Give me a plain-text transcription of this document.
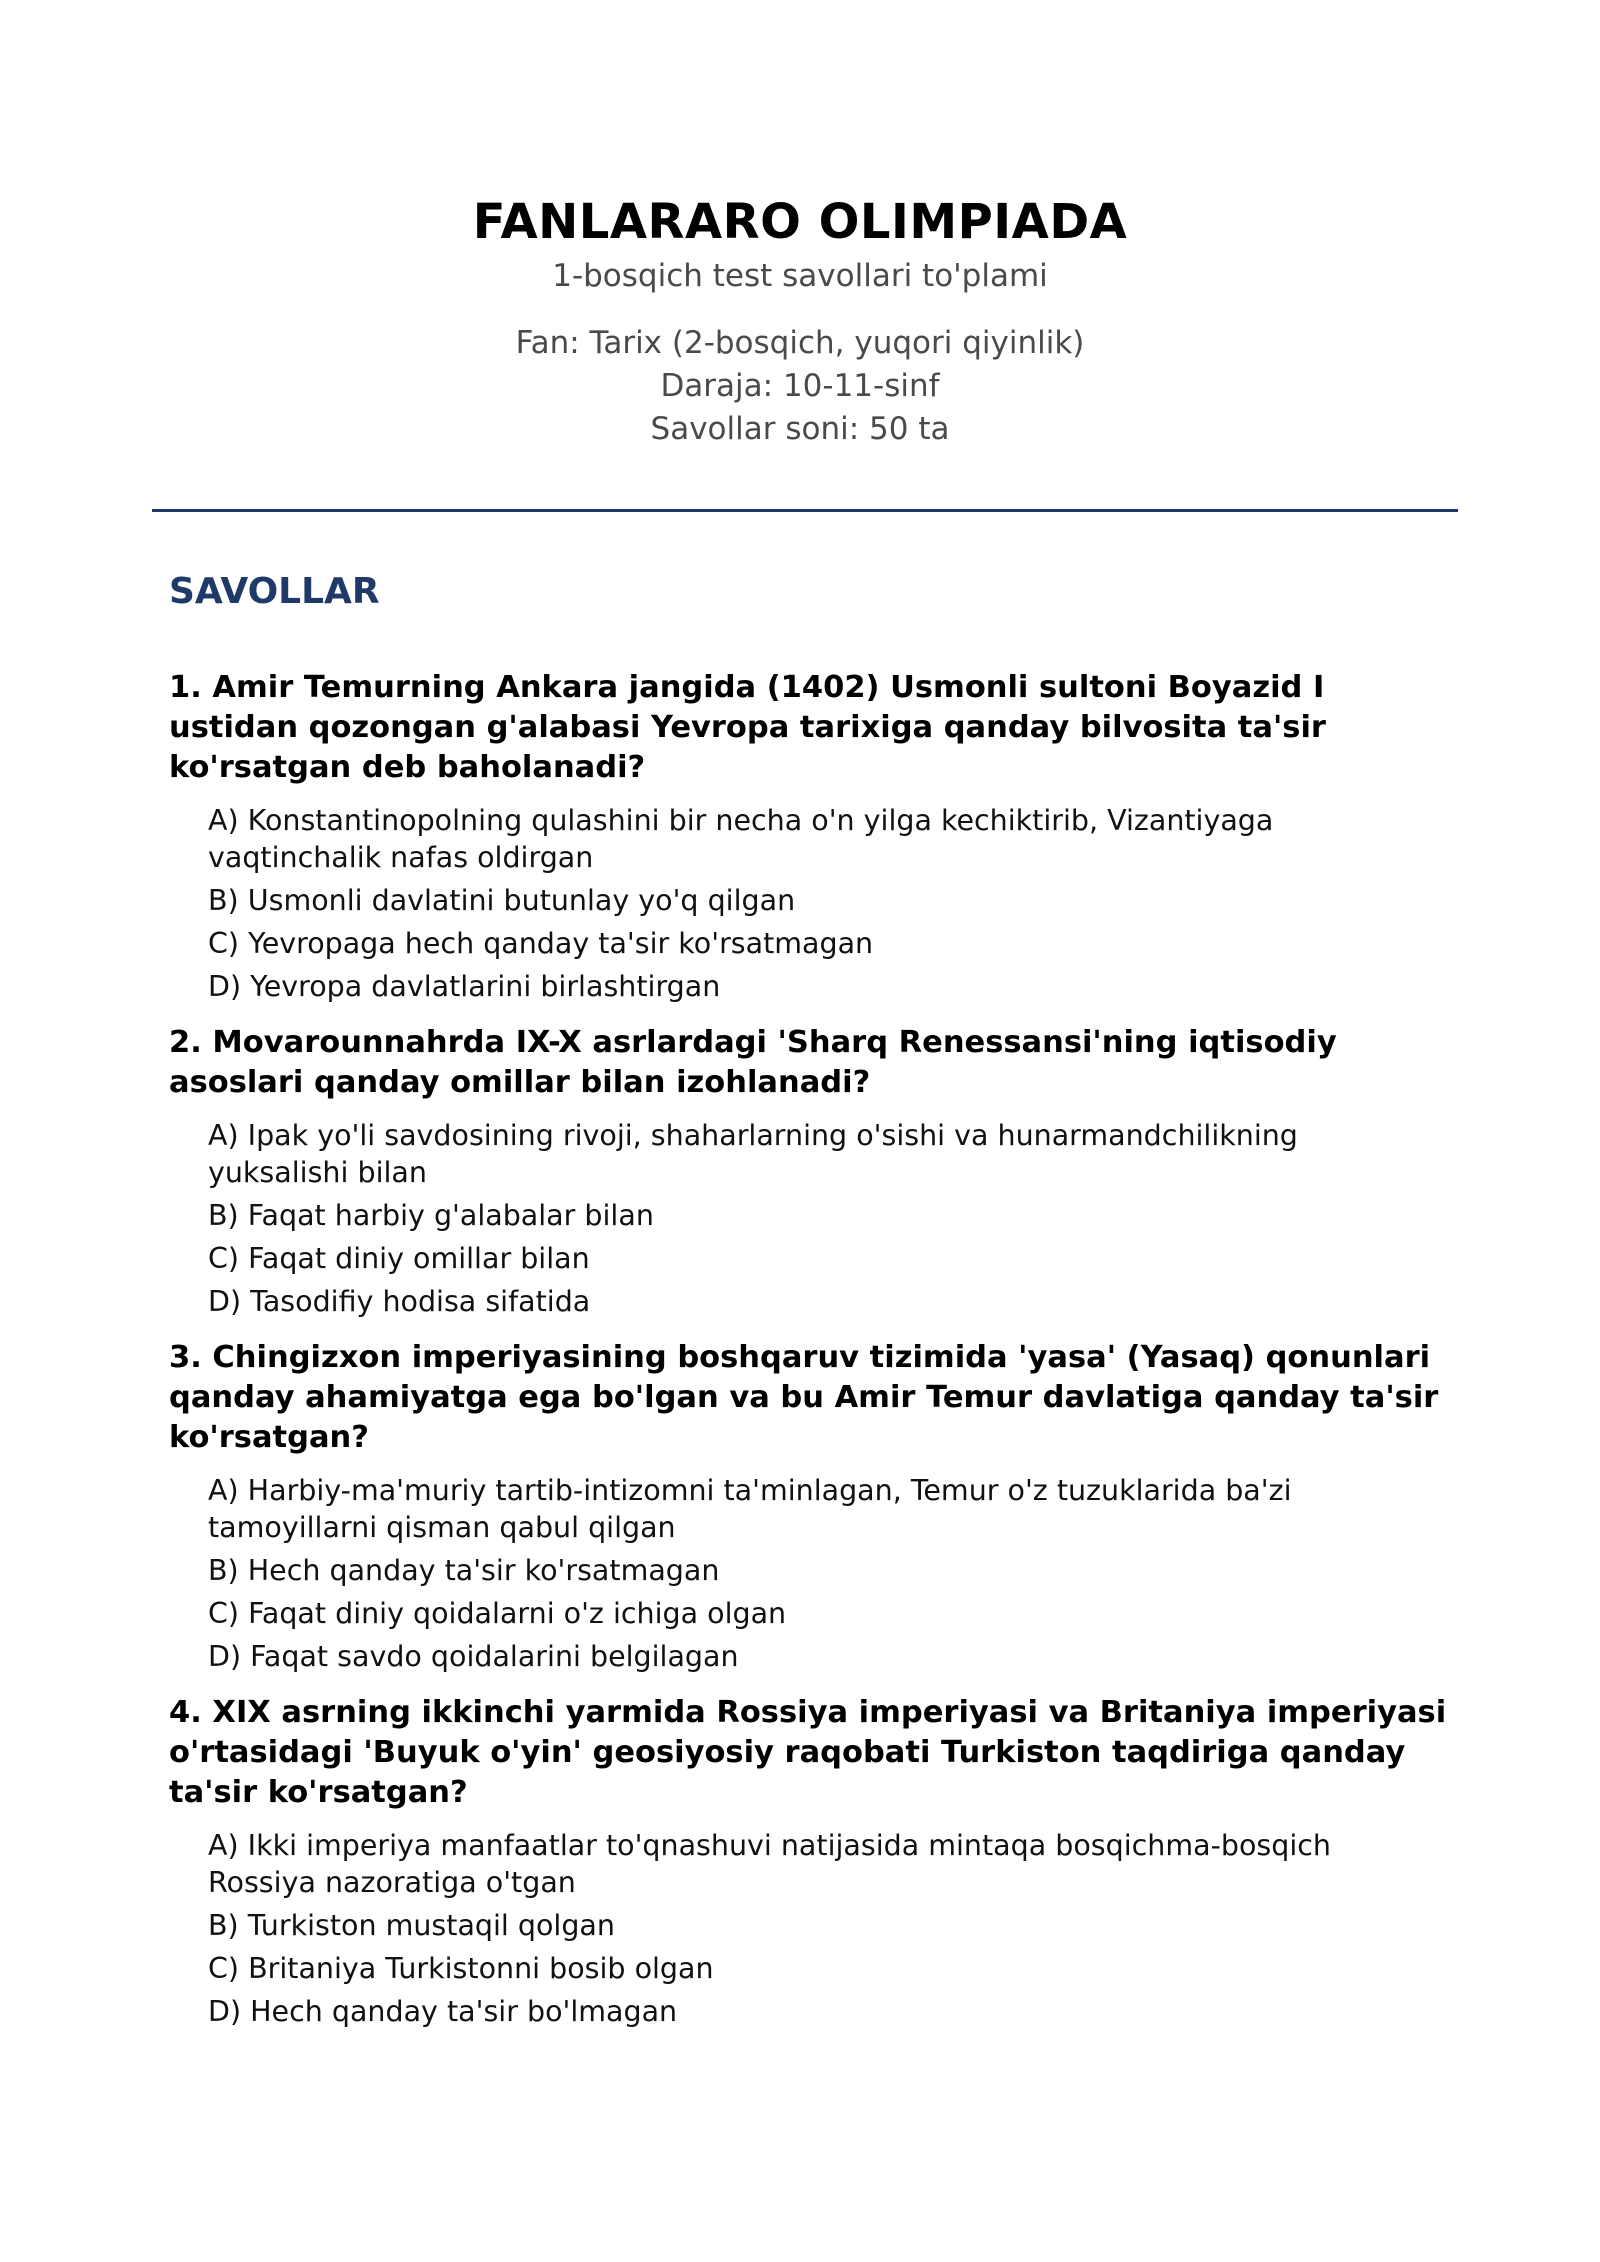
FANLARARO OLIMPIADA
1-bosqich test savollari to'plami
Fan: Tarix (2-bosqich, yuqori qiyinlik)
Daraja: 10-11-sinf
Savollar soni: 50 ta
SAVOLLAR
1. Amir Temurning Ankara jangida (1402) Usmonli sultoni Boyazid I ustidan qozongan g'alabasi Yevropa tarixiga qanday bilvosita ta'sir ko'rsatgan deb baholanadi?
A) Konstantinopolning qulashini bir necha o'n yilga kechiktirib, Vizantiyaga vaqtinchalik nafas oldirgan
B) Usmonli davlatini butunlay yo'q qilgan
C) Yevropaga hech qanday ta'sir ko'rsatmagan
D) Yevropa davlatlarini birlashtirgan
2. Movarounnahrda IX-X asrlardagi 'Sharq Renessansi'ning iqtisodiy asoslari qanday omillar bilan izohlanadi?
A) Ipak yo'li savdosining rivoji, shaharlarning o'sishi va hunarmandchilikning yuksalishi bilan
B) Faqat harbiy g'alabalar bilan
C) Faqat diniy omillar bilan
D) Tasodifiy hodisa sifatida
3. Chingizxon imperiyasining boshqaruv tizimida 'yasa' (Yasaq) qonunlari qanday ahamiyatga ega bo'lgan va bu Amir Temur davlatiga qanday ta'sir ko'rsatgan?
A) Harbiy-ma'muriy tartib-intizomni ta'minlagan, Temur o'z tuzuklarida ba'zi tamoyillarni qisman qabul qilgan
B) Hech qanday ta'sir ko'rsatmagan
C) Faqat diniy qoidalarni o'z ichiga olgan
D) Faqat savdo qoidalarini belgilagan
4. XIX asrning ikkinchi yarmida Rossiya imperiyasi va Britaniya imperiyasi o'rtasidagi 'Buyuk o'yin' geosiyosiy raqobati Turkiston taqdiriga qanday ta'sir ko'rsatgan?
A) Ikki imperiya manfaatlar to'qnashuvi natijasida mintaqa bosqichma-bosqich Rossiya nazoratiga o'tgan
B) Turkiston mustaqil qolgan
C) Britaniya Turkistonni bosib olgan
D) Hech qanday ta'sir bo'lmagan
